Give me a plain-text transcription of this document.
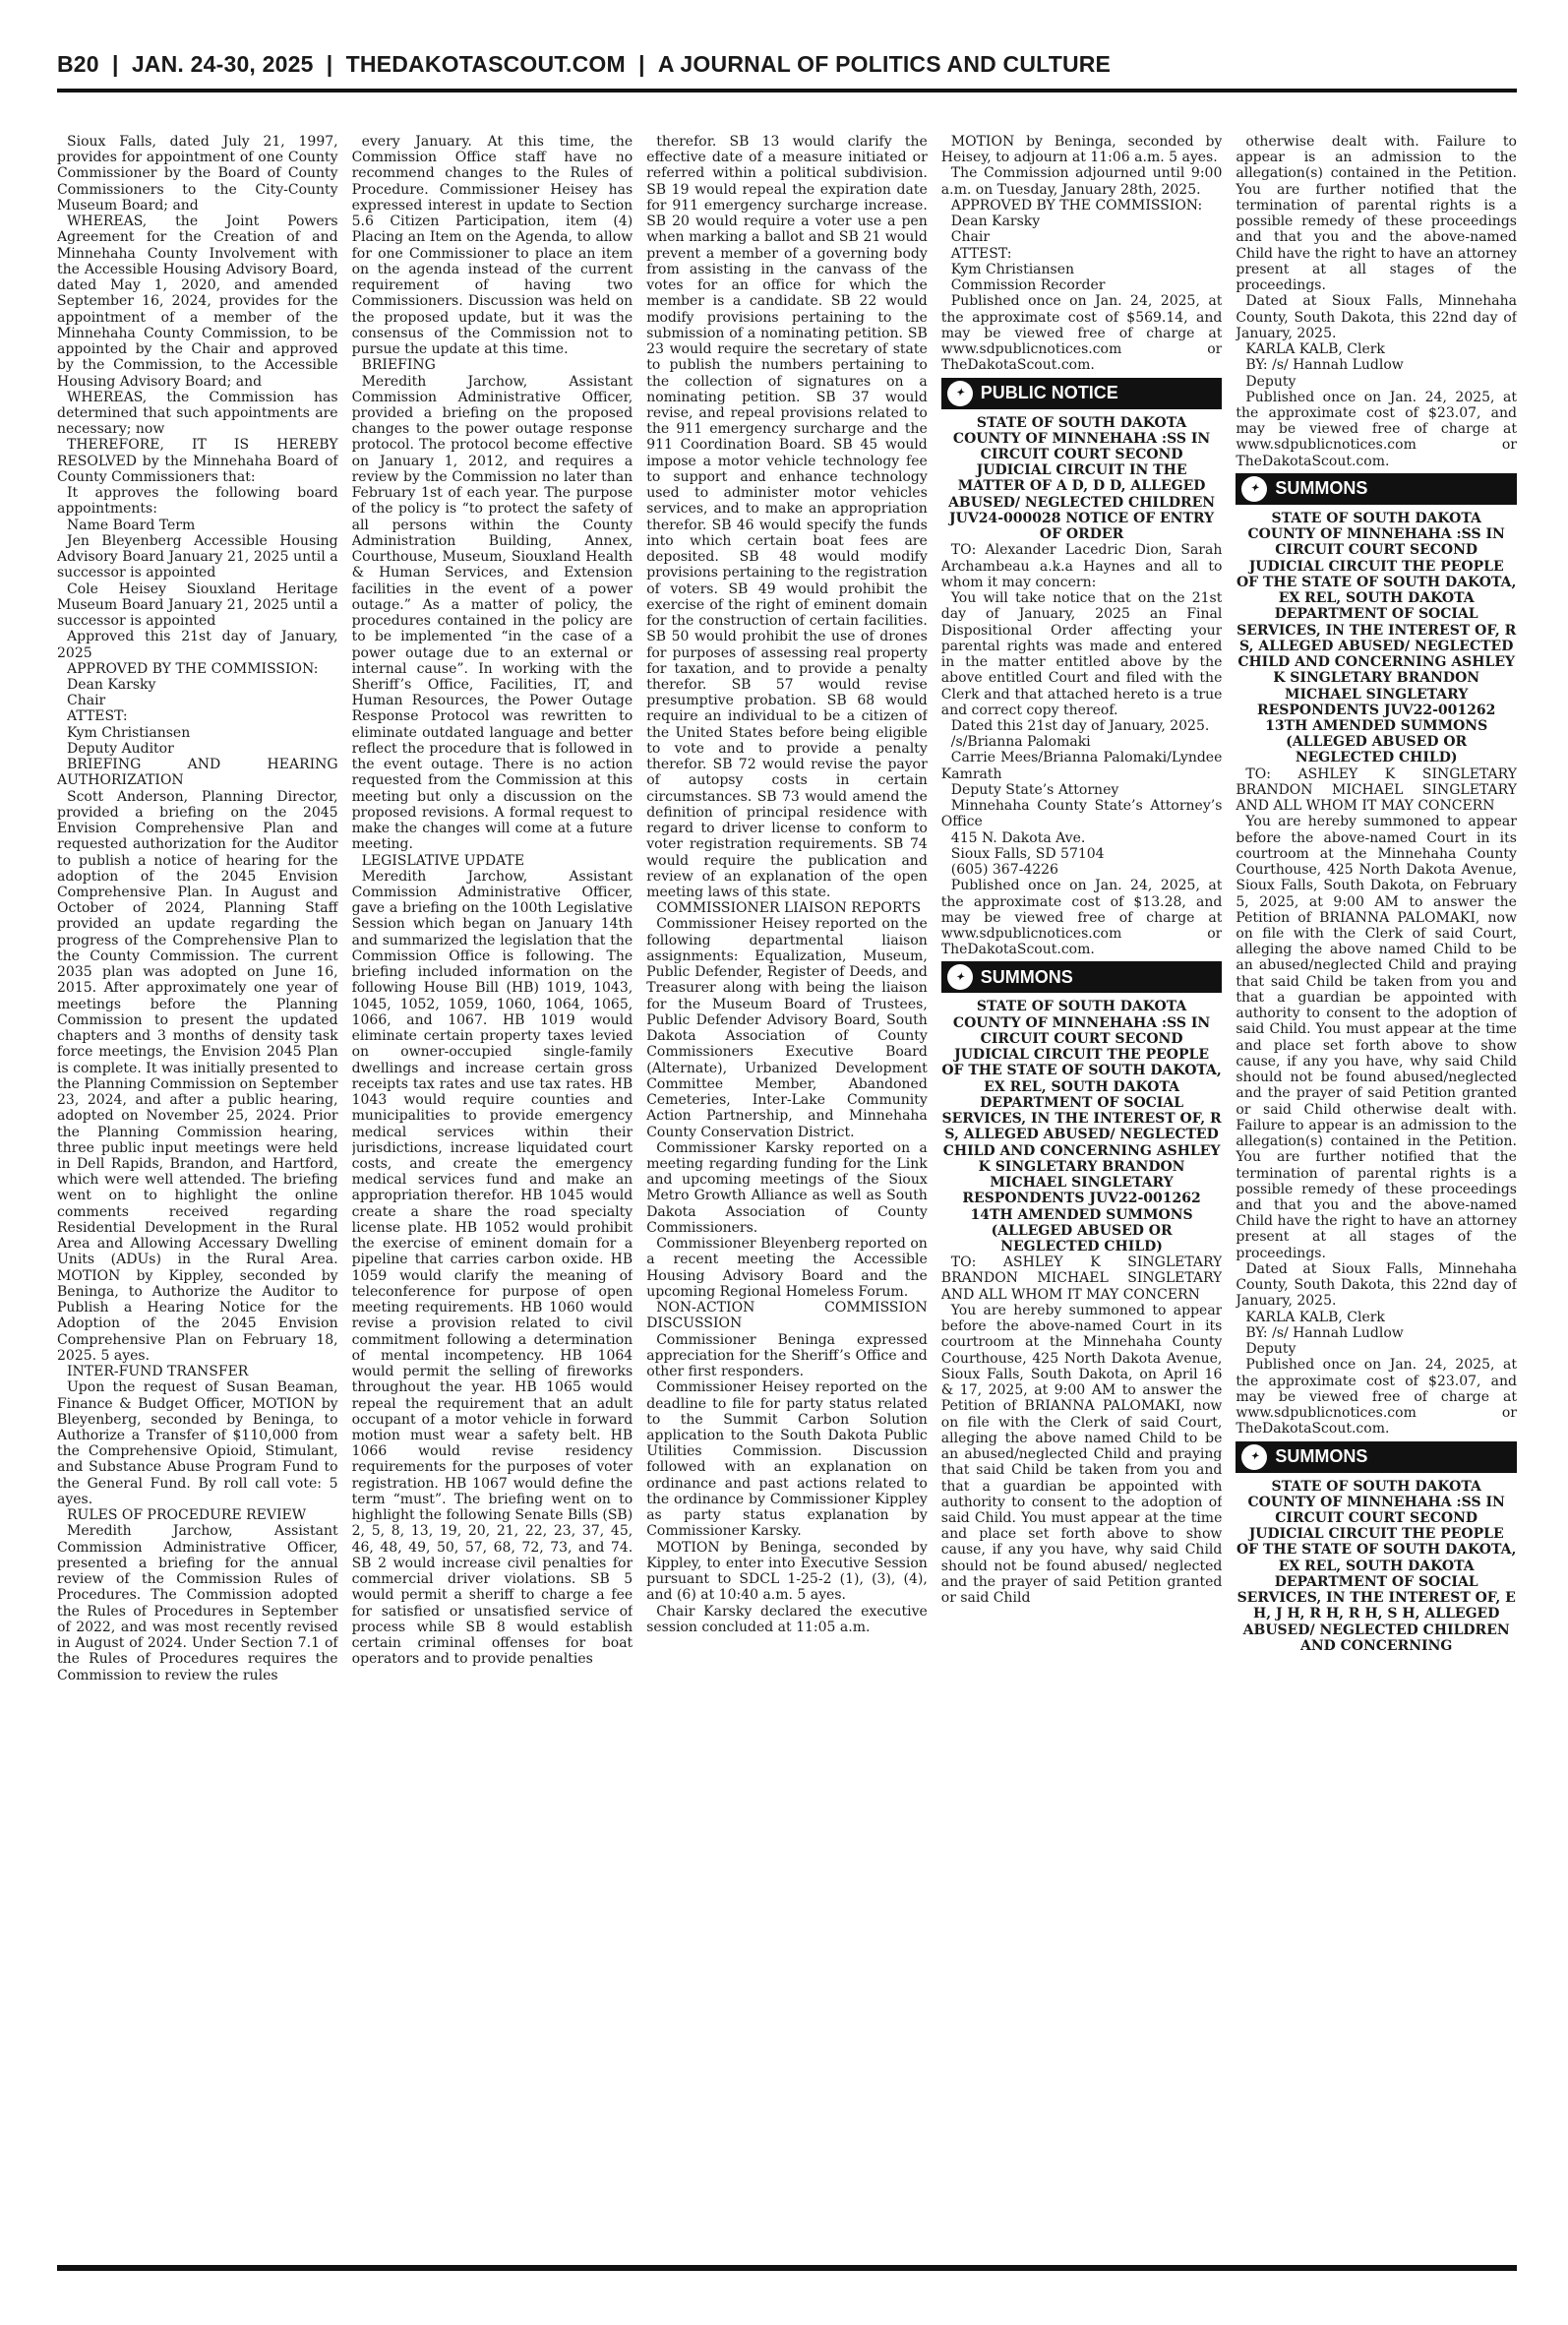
B20 | JAN. 24-30, 2025 | THEDAKOTASCOUT.COM | A JOURNAL OF POLITICS AND CULTURE

Sioux Falls, dated July 21, 1997, provides for appointment of one County Commissioner by the Board of County Commissioners to the City-County Museum Board; and

WHEREAS, the Joint Powers Agreement for the Creation of and Minnehaha County Involvement with the Accessible Housing Advisory Board, dated May 1, 2020, and amended September 16, 2024, provides for the appointment of a member of the Minnehaha County Commission, to be appointed by the Chair and approved by the Commission, to the Accessible Housing Advisory Board; and

WHEREAS, the Commission has determined that such appointments are necessary; now

THEREFORE, IT IS HEREBY RESOLVED by the Minnehaha Board of County Commissioners that:

It approves the following board appointments:

Name Board Term

Jen Bleyenberg Accessible Housing Advisory Board January 21, 2025 until a successor is appointed

Cole Heisey Siouxland Heritage Museum Board January 21, 2025 until a successor is appointed

Approved this 21st day of January, 2025

APPROVED BY THE COMMISSION:

Dean Karsky

Chair

ATTEST:

Kym Christiansen

Deputy Auditor

BRIEFING AND HEARING AUTHORIZATION

Scott Anderson, Planning Director, provided a briefing on the 2045 Envision Comprehensive Plan and requested authorization for the Auditor to publish a notice of hearing for the adoption of the 2045 Envision Comprehensive Plan. In August and October of 2024, Planning Staff provided an update regarding the progress of the Comprehensive Plan to the County Commission. The current 2035 plan was adopted on June 16, 2015. After approximately one year of meetings before the Planning Commission to present the updated chapters and 3 months of density task force meetings, the Envision 2045 Plan is complete. It was initially presented to the Planning Commission on September 23, 2024, and after a public hearing, adopted on November 25, 2024. Prior the Planning Commission hearing, three public input meetings were held in Dell Rapids, Brandon, and Hartford, which were well attended. The briefing went on to highlight the online comments received regarding Residential Development in the Rural Area and Allowing Accessary Dwelling Units (ADUs) in the Rural Area. MOTION by Kippley, seconded by Beninga, to Authorize the Auditor to Publish a Hearing Notice for the Adoption of the 2045 Envision Comprehensive Plan on February 18, 2025. 5 ayes.

INTER-FUND TRANSFER

Upon the request of Susan Beaman, Finance & Budget Officer, MOTION by Bleyenberg, seconded by Beninga, to Authorize a Transfer of $110,000 from the Comprehensive Opioid, Stimulant, and Substance Abuse Program Fund to the General Fund. By roll call vote: 5 ayes.

RULES OF PROCEDURE REVIEW

Meredith Jarchow, Assistant Commission Administrative Officer, presented a briefing for the annual review of the Commission Rules of Procedures. The Commission adopted the Rules of Procedures in September of 2022, and was most recently revised in August of 2024. Under Section 7.1 of the Rules of Procedures requires the Commission to review the rules

every January. At this time, the Commission Office staff have no recommend changes to the Rules of Procedure. Commissioner Heisey has expressed interest in update to Section 5.6 Citizen Participation, item (4) Placing an Item on the Agenda, to allow for one Commissioner to place an item on the agenda instead of the current requirement of having two Commissioners. Discussion was held on the proposed update, but it was the consensus of the Commission not to pursue the update at this time.

BRIEFING

Meredith Jarchow, Assistant Commission Administrative Officer, provided a briefing on the proposed changes to the power outage response protocol. The protocol become effective on January 1, 2012, and requires a review by the Commission no later than February 1st of each year. The purpose of the policy is “to protect the safety of all persons within the County Administration Building, Annex, Courthouse, Museum, Siouxland Health & Human Services, and Extension facilities in the event of a power outage.” As a matter of policy, the procedures contained in the policy are to be implemented “in the case of a power outage due to an external or internal cause”. In working with the Sheriff’s Office, Facilities, IT, and Human Resources, the Power Outage Response Protocol was rewritten to eliminate outdated language and better reflect the procedure that is followed in the event outage. There is no action requested from the Commission at this meeting but only a discussion on the proposed revisions. A formal request to make the changes will come at a future meeting.

LEGISLATIVE UPDATE

Meredith Jarchow, Assistant Commission Administrative Officer, gave a briefing on the 100th Legislative Session which began on January 14th and summarized the legislation that the Commission Office is following. The briefing included information on the following House Bill (HB) 1019, 1043, 1045, 1052, 1059, 1060, 1064, 1065, 1066, and 1067. HB 1019 would eliminate certain property taxes levied on owner-occupied single-family dwellings and increase certain gross receipts tax rates and use tax rates. HB 1043 would require counties and municipalities to provide emergency medical services within their jurisdictions, increase liquidated court costs, and create the emergency medical services fund and make an appropriation therefor. HB 1045 would create a share the road specialty license plate. HB 1052 would prohibit the exercise of eminent domain for a pipeline that carries carbon oxide. HB 1059 would clarify the meaning of teleconference for purpose of open meeting requirements. HB 1060 would revise a provision related to civil commitment following a determination of mental incompetency. HB 1064 would permit the selling of fireworks throughout the year. HB 1065 would repeal the requirement that an adult occupant of a motor vehicle in forward motion must wear a safety belt. HB 1066 would revise residency requirements for the purposes of voter registration. HB 1067 would define the term “must”. The briefing went on to highlight the following Senate Bills (SB) 2, 5, 8, 13, 19, 20, 21, 22, 23, 37, 45, 46, 48, 49, 50, 57, 68, 72, 73, and 74. SB 2 would increase civil penalties for commercial driver violations. SB 5 would permit a sheriff to charge a fee for satisfied or unsatisfied service of process while SB 8 would establish certain criminal offenses for boat operators and to provide penalties

therefor. SB 13 would clarify the effective date of a measure initiated or referred within a political subdivision. SB 19 would repeal the expiration date for 911 emergency surcharge increase. SB 20 would require a voter use a pen when marking a ballot and SB 21 would prevent a member of a governing body from assisting in the canvass of the votes for an office for which the member is a candidate. SB 22 would modify provisions pertaining to the submission of a nominating petition. SB 23 would require the secretary of state to publish the numbers pertaining to the collection of signatures on a nominating petition. SB 37 would revise, and repeal provisions related to the 911 emergency surcharge and the 911 Coordination Board. SB 45 would impose a motor vehicle technology fee to support and enhance technology used to administer motor vehicles services, and to make an appropriation therefor. SB 46 would specify the funds into which certain boat fees are deposited. SB 48 would modify provisions pertaining to the registration of voters. SB 49 would prohibit the exercise of the right of eminent domain for the construction of certain facilities. SB 50 would prohibit the use of drones for purposes of assessing real property for taxation, and to provide a penalty therefor. SB 57 would revise presumptive probation. SB 68 would require an individual to be a citizen of the United States before being eligible to vote and to provide a penalty therefor. SB 72 would revise the payor of autopsy costs in certain circumstances. SB 73 would amend the definition of principal residence with regard to driver license to conform to voter registration requirements. SB 74 would require the publication and review of an explanation of the open meeting laws of this state.

COMMISSIONER LIAISON REPORTS

Commissioner Heisey reported on the following departmental liaison assignments: Equalization, Museum, Public Defender, Register of Deeds, and Treasurer along with being the liaison for the Museum Board of Trustees, Public Defender Advisory Board, South Dakota Association of County Commissioners Executive Board (Alternate), Urbanized Development Committee Member, Abandoned Cemeteries, Inter-Lake Community Action Partnership, and Minnehaha County Conservation District.

Commissioner Karsky reported on a meeting regarding funding for the Link and upcoming meetings of the Sioux Metro Growth Alliance as well as South Dakota Association of County Commissioners.

Commissioner Bleyenberg reported on a recent meeting the Accessible Housing Advisory Board and the upcoming Regional Homeless Forum.

NON-ACTION COMMISSION DISCUSSION

Commissioner Beninga expressed appreciation for the Sheriff’s Office and other first responders.

Commissioner Heisey reported on the deadline to file for party status related to the Summit Carbon Solution application to the South Dakota Public Utilities Commission. Discussion followed with an explanation on ordinance and past actions related to the ordinance by Commissioner Kippley as party status explanation by Commissioner Karsky.

MOTION by Beninga, seconded by Kippley, to enter into Executive Session pursuant to SDCL 1-25-2 (1), (3), (4), and (6) at 10:40 a.m. 5 ayes.

Chair Karsky declared the executive session concluded at 11:05 a.m.

MOTION by Beninga, seconded by Heisey, to adjourn at 11:06 a.m. 5 ayes.

The Commission adjourned until 9:00 a.m. on Tuesday, January 28th, 2025.

APPROVED BY THE COMMISSION:

Dean Karsky

Chair

ATTEST:

Kym Christiansen

Commission Recorder

Published once on Jan. 24, 2025, at the approximate cost of $569.14, and may be viewed free of charge at www.sdpublicnotices.com or TheDakotaScout.com.

✦ PUBLIC NOTICE

STATE OF SOUTH DAKOTA COUNTY OF MINNEHAHA :SS IN CIRCUIT COURT SECOND JUDICIAL CIRCUIT IN THE MATTER OF A D, D D, ALLEGED ABUSED/ NEGLECTED CHILDREN JUV24-000028 NOTICE OF ENTRY OF ORDER

TO: Alexander Lacedric Dion, Sarah Archambeau a.k.a Haynes and all to whom it may concern:

You will take notice that on the 21st day of January, 2025 an Final Dispositional Order affecting your parental rights was made and entered in the matter entitled above by the above entitled Court and filed with the Clerk and that attached hereto is a true and correct copy thereof.

Dated this 21st day of January, 2025.

/s/Brianna Palomaki

Carrie Mees/Brianna Palomaki/Lyndee Kamrath

Deputy State’s Attorney

Minnehaha County State’s Attorney’s Office

415 N. Dakota Ave.

Sioux Falls, SD 57104

(605) 367-4226

Published once on Jan. 24, 2025, at the approximate cost of $13.28, and may be viewed free of charge at www.sdpublicnotices.com or TheDakotaScout.com.

✦ SUMMONS

STATE OF SOUTH DAKOTA COUNTY OF MINNEHAHA :SS IN CIRCUIT COURT SECOND JUDICIAL CIRCUIT THE PEOPLE OF THE STATE OF SOUTH DAKOTA, EX REL, SOUTH DAKOTA DEPARTMENT OF SOCIAL SERVICES, IN THE INTEREST OF, R S, ALLEGED ABUSED/ NEGLECTED CHILD AND CONCERNING ASHLEY K SINGLETARY BRANDON MICHAEL SINGLETARY RESPONDENTS JUV22-001262 14TH AMENDED SUMMONS (ALLEGED ABUSED OR NEGLECTED CHILD)

TO: ASHLEY K SINGLETARY BRANDON MICHAEL SINGLETARY AND ALL WHOM IT MAY CONCERN

You are hereby summoned to appear before the above-named Court in its courtroom at the Minnehaha County Courthouse, 425 North Dakota Avenue, Sioux Falls, South Dakota, on April 16 & 17, 2025, at 9:00 AM to answer the Petition of BRIANNA PALOMAKI, now on file with the Clerk of said Court, alleging the above named Child to be an abused/neglected Child and praying that said Child be taken from you and that a guardian be appointed with authority to consent to the adoption of said Child. You must appear at the time and place set forth above to show cause, if any you have, why said Child should not be found abused/ neglected and the prayer of said Petition granted or said Child

otherwise dealt with. Failure to appear is an admission to the allegation(s) contained in the Petition. You are further notified that the termination of parental rights is a possible remedy of these proceedings and that you and the above-named Child have the right to have an attorney present at all stages of the proceedings.

Dated at Sioux Falls, Minnehaha County, South Dakota, this 22nd day of January, 2025.

KARLA KALB, Clerk

BY: /s/ Hannah Ludlow

Deputy

Published once on Jan. 24, 2025, at the approximate cost of $23.07, and may be viewed free of charge at www.sdpublicnotices.com or TheDakotaScout.com.

✦ SUMMONS

STATE OF SOUTH DAKOTA COUNTY OF MINNEHAHA :SS IN CIRCUIT COURT SECOND JUDICIAL CIRCUIT THE PEOPLE OF THE STATE OF SOUTH DAKOTA, EX REL, SOUTH DAKOTA DEPARTMENT OF SOCIAL SERVICES, IN THE INTEREST OF, R S, ALLEGED ABUSED/ NEGLECTED CHILD AND CONCERNING ASHLEY K SINGLETARY BRANDON MICHAEL SINGLETARY RESPONDENTS JUV22-001262 13TH AMENDED SUMMONS (ALLEGED ABUSED OR NEGLECTED CHILD)

TO: ASHLEY K SINGLETARY BRANDON MICHAEL SINGLETARY AND ALL WHOM IT MAY CONCERN

You are hereby summoned to appear before the above-named Court in its courtroom at the Minnehaha County Courthouse, 425 North Dakota Avenue, Sioux Falls, South Dakota, on February 5, 2025, at 9:00 AM to answer the Petition of BRIANNA PALOMAKI, now on file with the Clerk of said Court, alleging the above named Child to be an abused/neglected Child and praying that said Child be taken from you and that a guardian be appointed with authority to consent to the adoption of said Child. You must appear at the time and place set forth above to show cause, if any you have, why said Child should not be found abused/neglected and the prayer of said Petition granted or said Child otherwise dealt with. Failure to appear is an admission to the allegation(s) contained in the Petition. You are further notified that the termination of parental rights is a possible remedy of these proceedings and that you and the above-named Child have the right to have an attorney present at all stages of the proceedings.

Dated at Sioux Falls, Minnehaha County, South Dakota, this 22nd day of January, 2025.

KARLA KALB, Clerk

BY: /s/ Hannah Ludlow

Deputy

Published once on Jan. 24, 2025, at the approximate cost of $23.07, and may be viewed free of charge at www.sdpublicnotices.com or TheDakotaScout.com.

✦ SUMMONS

STATE OF SOUTH DAKOTA COUNTY OF MINNEHAHA :SS IN CIRCUIT COURT SECOND JUDICIAL CIRCUIT THE PEOPLE OF THE STATE OF SOUTH DAKOTA, EX REL, SOUTH DAKOTA DEPARTMENT OF SOCIAL SERVICES, IN THE INTEREST OF, E H, J H, R H, R H, S H, ALLEGED ABUSED/ NEGLECTED CHILDREN AND CONCERNING
